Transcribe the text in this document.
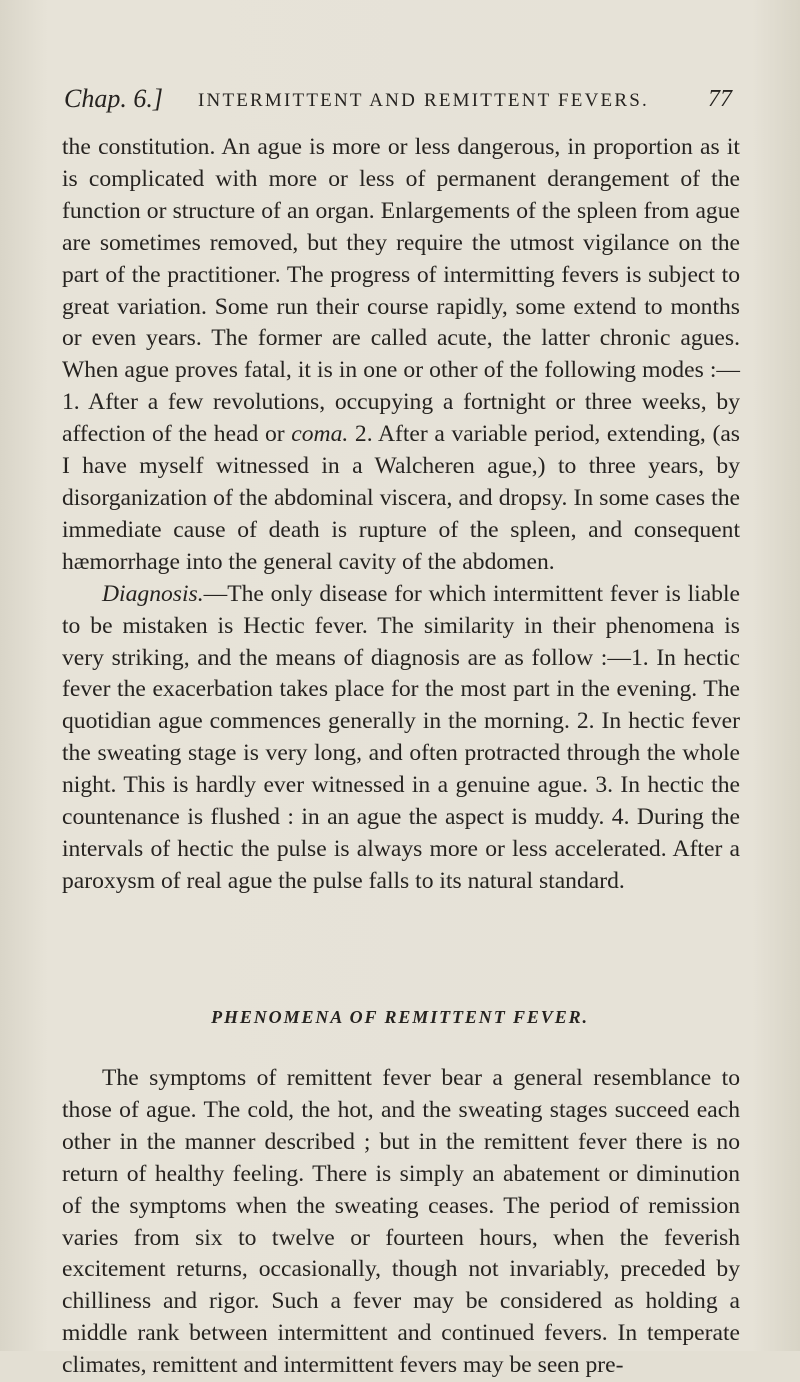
Chap. 6.] INTERMITTENT AND REMITTENT FEVERS. 77

the constitution. An ague is more or less dangerous, in proportion as it is complicated with more or less of permanent derangement of the function or structure of an organ. Enlargements of the spleen from ague are sometimes removed, but they require the utmost vigilance on the part of the practitioner. The progress of intermitting fevers is subject to great variation. Some run their course rapidly, some extend to months or even years. The former are called acute, the latter chronic agues. When ague proves fatal, it is in one or other of the following modes :—1. After a few revolutions, occupying a fortnight or three weeks, by affection of the head or coma. 2. After a variable period, extending, (as I have myself witnessed in a Walcheren ague,) to three years, by disorganization of the abdominal viscera, and dropsy. In some cases the immediate cause of death is rupture of the spleen, and consequent hæmorrhage into the general cavity of the abdomen.

Diagnosis.—The only disease for which intermittent fever is liable to be mistaken is Hectic fever. The similarity in their phenomena is very striking, and the means of diagnosis are as follow :—1. In hectic fever the exacerbation takes place for the most part in the evening. The quotidian ague commences generally in the morning. 2. In hectic fever the sweating stage is very long, and often protracted through the whole night. This is hardly ever witnessed in a genuine ague. 3. In hectic the countenance is flushed : in an ague the aspect is muddy. 4. During the intervals of hectic the pulse is always more or less accelerated. After a paroxysm of real ague the pulse falls to its natural standard.

PHENOMENA OF REMITTENT FEVER.

The symptoms of remittent fever bear a general resemblance to those of ague. The cold, the hot, and the sweating stages succeed each other in the manner described ; but in the remittent fever there is no return of healthy feeling. There is simply an abatement or diminution of the symptoms when the sweating ceases. The period of remission varies from six to twelve or fourteen hours, when the feverish excitement returns, occasionally, though not invariably, preceded by chilliness and rigor. Such a fever may be considered as holding a middle rank between intermittent and continued fevers. In temperate climates, remittent and intermittent fevers may be seen pre-
